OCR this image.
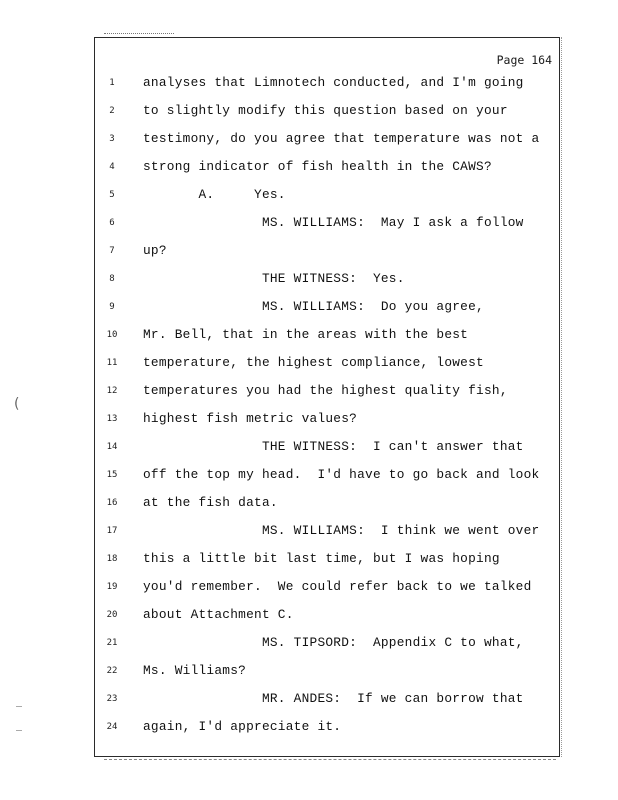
Page 164
1
2
3
4
5
6
7
8
9
10
11
12
13
14
15
16
17
18
19
20
21
22
23
24
analyses that Limnotech conducted, and I'm going
to slightly modify this question based on your
testimony, do you agree that temperature was not a
strong indicator of fish health in the CAWS?
A.     Yes.
MS. WILLIAMS:  May I ask a follow
up?
THE WITNESS:  Yes.
MS. WILLIAMS:  Do you agree,
Mr. Bell, that in the areas with the best
temperature, the highest compliance, lowest
temperatures you had the highest quality fish,
highest fish metric values?
THE WITNESS:  I can't answer that
off the top my head.  I'd have to go back and look
at the fish data.
MS. WILLIAMS:  I think we went over
this a little bit last time, but I was hoping
you'd remember.  We could refer back to we talked
about Attachment C.
MS. TIPSORD:  Appendix C to what,
Ms. Williams?
MR. ANDES:  If we can borrow that
again, I'd appreciate it.
(
